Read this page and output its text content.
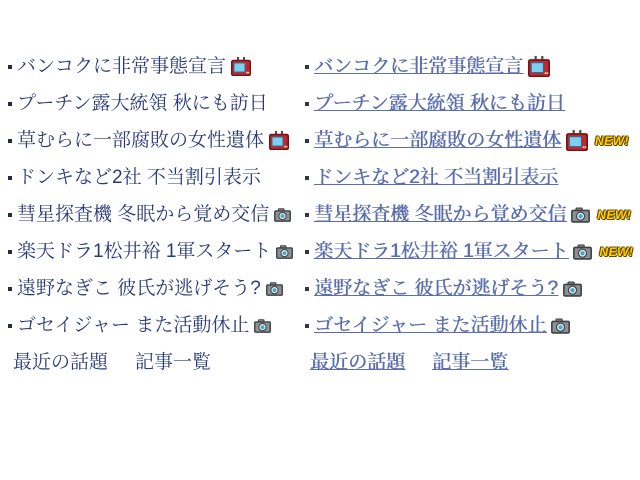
バンコクに非常事態宣言
プーチン露大統領 秋にも訪日
草むらに一部腐敗の女性遺体
ドンキなど2社 不当割引表示
彗星探査機 冬眠から覚め交信
楽天ドラ1松井裕 1軍スタート
遠野なぎこ 彼氏が逃げそう?
ゴセイジャー また活動休止
最近の話題 記事一覧
バンコクに非常事態宣言
プーチン露大統領 秋にも訪日
草むらに一部腐敗の女性遺体	NEW!
ドンキなど2社 不当割引表示
彗星探査機 冬眠から覚め交信	NEW!
楽天ドラ1松井裕 1軍スタート	NEW!
遠野なぎこ 彼氏が逃げそう?
ゴセイジャー また活動休止
最近の話題 記事一覧
